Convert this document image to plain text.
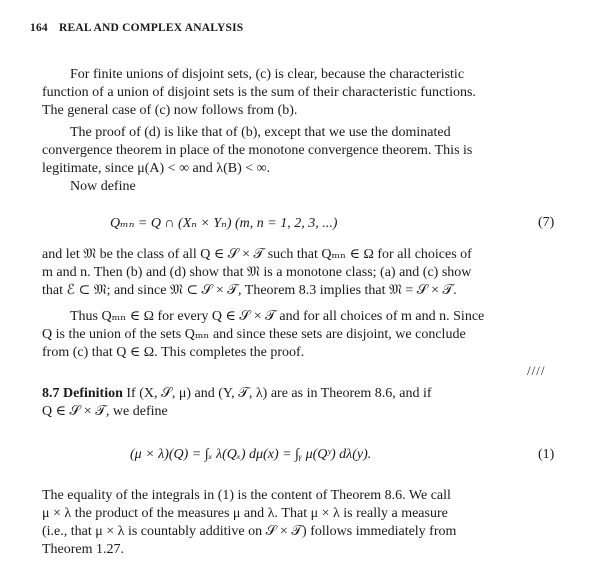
164 REAL AND COMPLEX ANALYSIS
For finite unions of disjoint sets, (c) is clear, because the characteristic
function of a union of disjoint sets is the sum of their characteristic functions.
The general case of (c) now follows from (b).
The proof of (d) is like that of (b), except that we use the dominated
convergence theorem in place of the monotone convergence theorem. This is
legitimate, since μ(A) < ∞ and λ(B) < ∞.
Now define
Qₘₙ = Q ∩ (Xₙ × Yₙ) (m, n = 1, 2, 3, ...)	(7)
and let 𝔐 be the class of all Q ∈ 𝒮 × 𝒯 such that Qₘₙ ∈ Ω for all choices of
m and n. Then (b) and (d) show that 𝔐 is a monotone class; (a) and (c) show
that ℰ ⊂ 𝔐; and since 𝔐 ⊂ 𝒮 × 𝒯, Theorem 8.3 implies that 𝔐 = 𝒮 × 𝒯.
Thus Qₘₙ ∈ Ω for every Q ∈ 𝒮 × 𝒯 and for all choices of m and n. Since
Q is the union of the sets Qₘₙ and since these sets are disjoint, we conclude
from (c) that Q ∈ Ω. This completes the proof.
////
8.7 Definition If (X, 𝒮, μ) and (Y, 𝒯, λ) are as in Theorem 8.6, and if
Q ∈ 𝒮 × 𝒯, we define
(μ × λ)(Q) = ∫ₓ λ(Qₓ) dμ(x) = ∫ᵧ μ(Qʸ) dλ(y).	(1)
The equality of the integrals in (1) is the content of Theorem 8.6. We call
μ × λ the product of the measures μ and λ. That μ × λ is really a measure
(i.e., that μ × λ is countably additive on 𝒮 × 𝒯) follows immediately from
Theorem 1.27.
